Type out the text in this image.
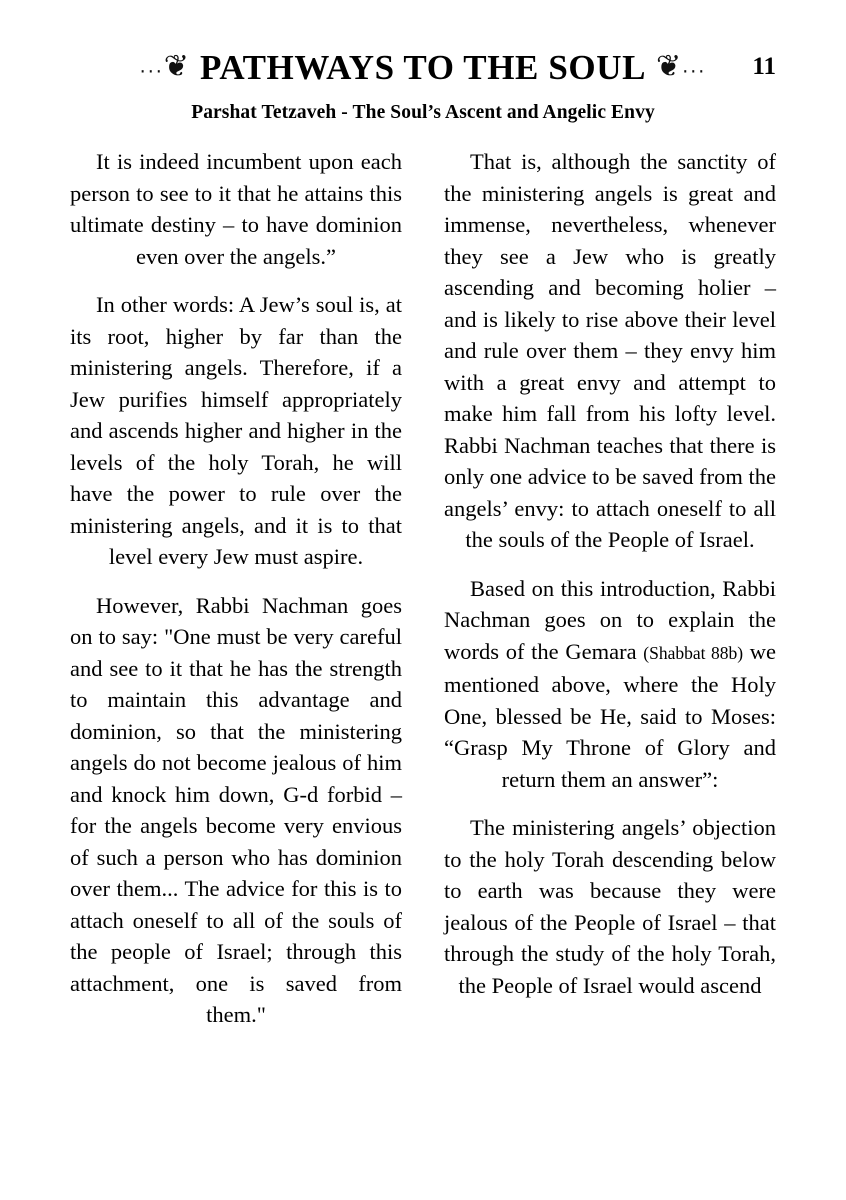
...❦ PATHWAYS TO THE SOUL ❦... 11
Parshat Tetzaveh - The Soul’s Ascent and Angelic Envy

It is indeed incumbent upon each person to see to it that he attains this ultimate destiny – to have dominion even over the angels.”

In other words: A Jew’s soul is, at its root, higher by far than the ministering angels. Therefore, if a Jew purifies himself appropriately and ascends higher and higher in the levels of the holy Torah, he will have the power to rule over the ministering angels, and it is to that level every Jew must aspire.

However, Rabbi Nachman goes on to say: "One must be very careful and see to it that he has the strength to maintain this advantage and dominion, so that the ministering angels do not become jealous of him and knock him down, G-d forbid – for the angels become very envious of such a person who has dominion over them... The advice for this is to attach oneself to all of the souls of the people of Israel; through this attachment, one is saved from them."

That is, although the sanctity of the ministering angels is great and immense, nevertheless, whenever they see a Jew who is greatly ascending and becoming holier – and is likely to rise above their level and rule over them – they envy him with a great envy and attempt to make him fall from his lofty level. Rabbi Nachman teaches that there is only one advice to be saved from the angels’ envy: to attach oneself to all the souls of the People of Israel.

Based on this introduction, Rabbi Nachman goes on to explain the words of the Gemara (Shabbat 88b) we mentioned above, where the Holy One, blessed be He, said to Moses: “Grasp My Throne of Glory and return them an answer”:

The ministering angels’ objection to the holy Torah descending below to earth was because they were jealous of the People of Israel – that through the study of the holy Torah, the People of Israel would ascend
